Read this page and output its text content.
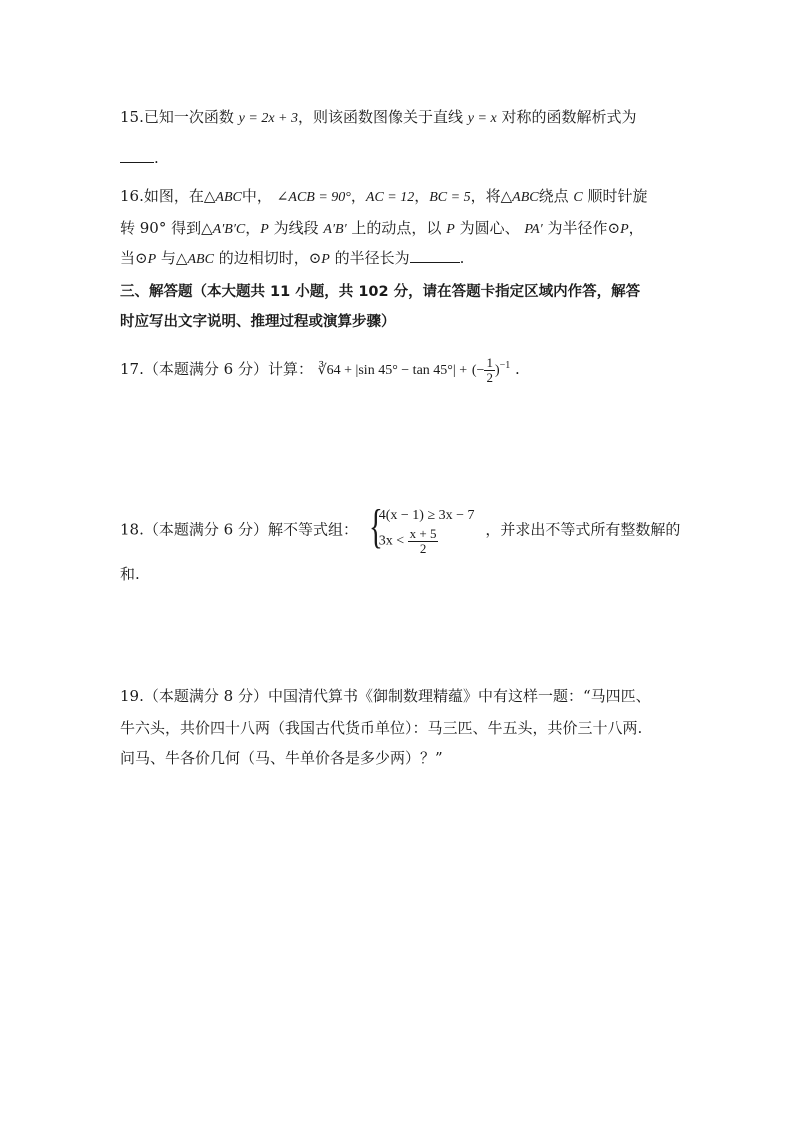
15.已知一次函数 y = 2x + 3，则该函数图像关于直线 y = x 对称的函数解析式为
.
16.如图，在△ABC中， ∠ACB = 90°，AC = 12，BC = 5，将△ABC绕点 C 顺时针旋
转 90° 得到△A′B′C，P 为线段 A′B′ 上的动点，以 P 为圆心、 PA′ 为半径作⊙P，
当⊙P 与△ABC 的边相切时，⊙P 的半径长为	.
三、解答题（本大题共 11 小题，共 102 分，请在答题卡指定区域内作答，解答
时应写出文字说明、推理过程或演算步骤）
17.（本题满分 6 分）计算： ∛64 + |sin 45° − tan 45°| + (− $\frac{1}{2} )^{-1}$ .
18.（本题满分 6 分）解不等式组： {
4(x − 1) ≥ 3x − 7
$3x < \frac{x + 5}{2}$	，并求出不等式所有整数解的
和.
19.（本题满分 8 分）中国清代算书《御制数理精蕴》中有这样一题：“马四匹、
牛六头，共价四十八两（我国古代货币单位）：马三匹、牛五头，共价三十八两.
问马、牛各价几何（马、牛单价各是多少两）？”
